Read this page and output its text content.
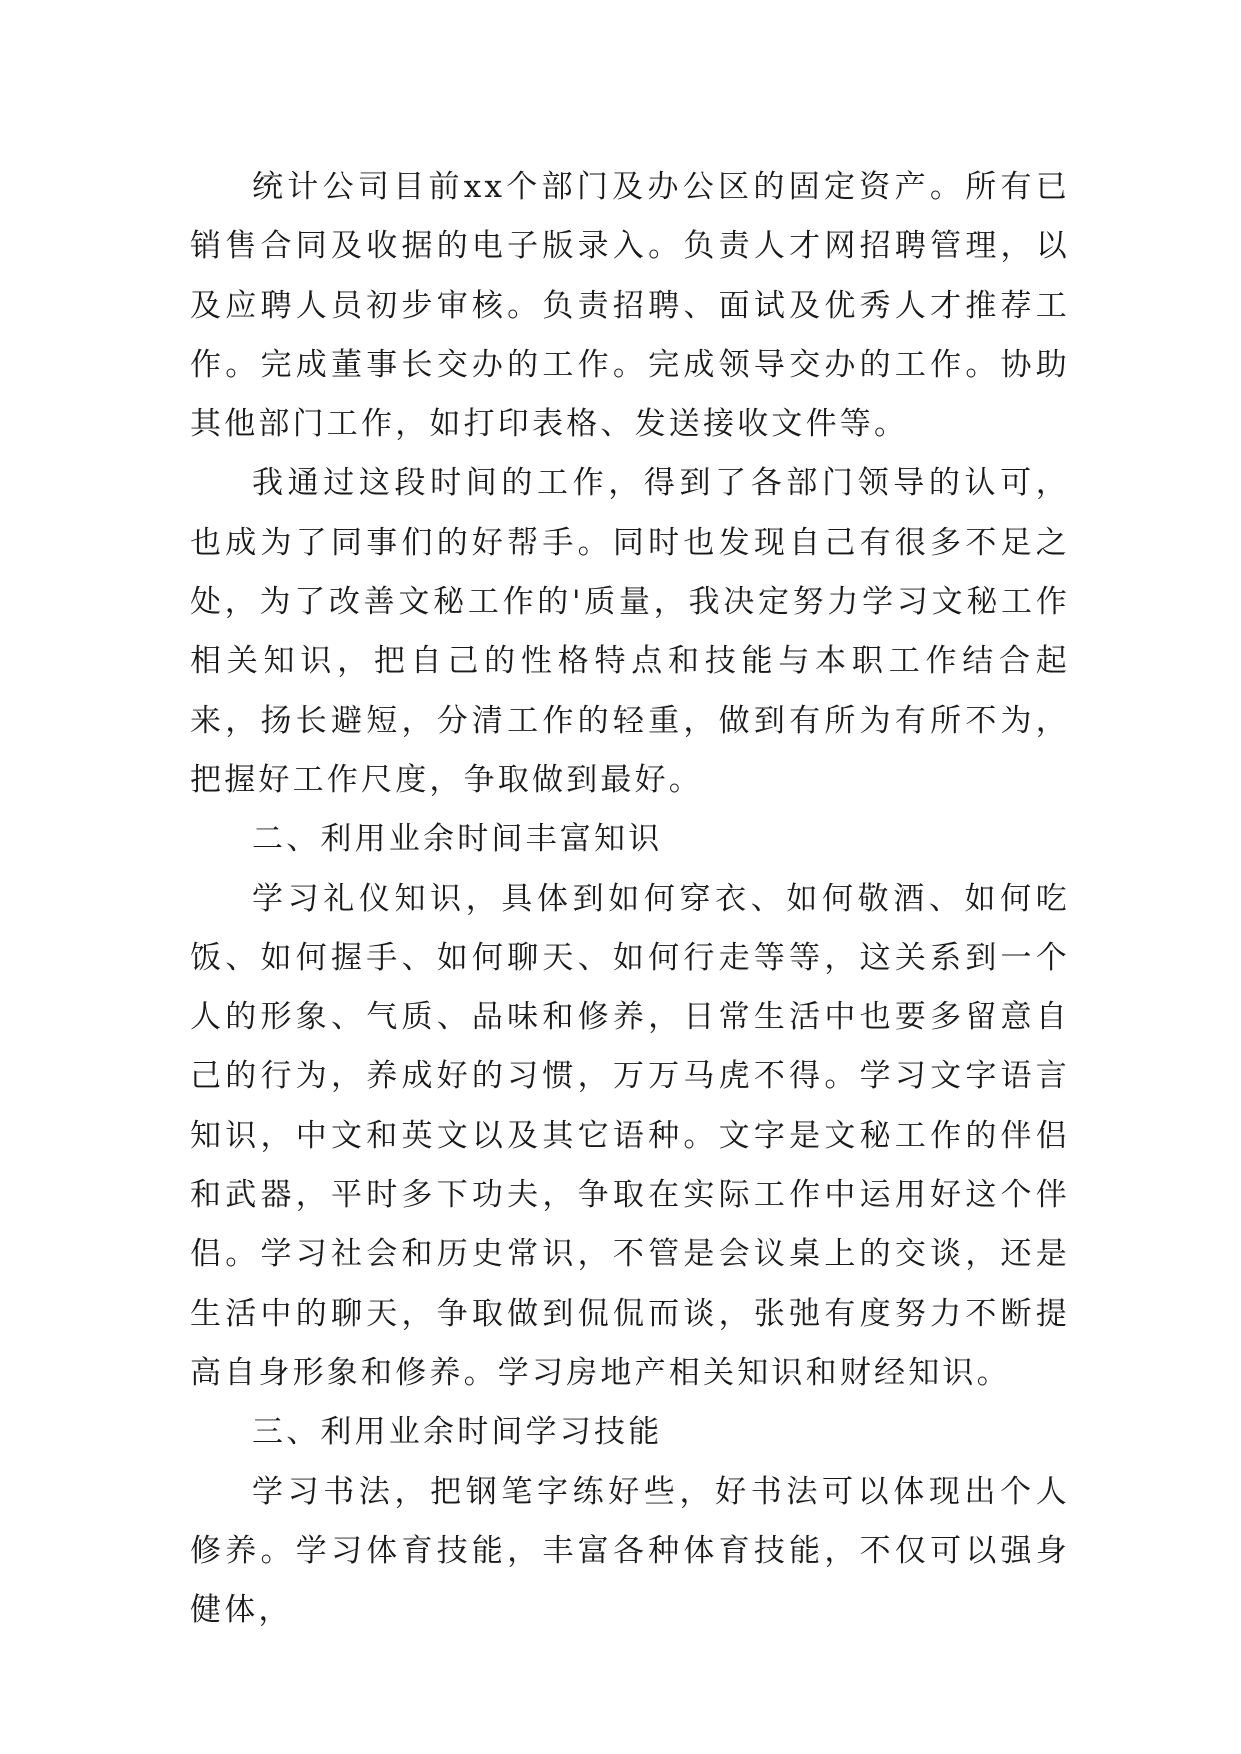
统计公司目前xx个部门及办公区的固定资产。所有已销售合同及收据的电子版录入。负责人才网招聘管理，以及应聘人员初步审核。负责招聘、面试及优秀人才推荐工作。完成董事长交办的工作。完成领导交办的工作。协助其他部门工作，如打印表格、发送接收文件等。

我通过这段时间的工作，得到了各部门领导的认可，也成为了同事们的好帮手。同时也发现自己有很多不足之处，为了改善文秘工作的'质量，我决定努力学习文秘工作相关知识，把自己的性格特点和技能与本职工作结合起来，扬长避短，分清工作的轻重，做到有所为有所不为，把握好工作尺度，争取做到最好。

二、利用业余时间丰富知识

学习礼仪知识，具体到如何穿衣、如何敬酒、如何吃饭、如何握手、如何聊天、如何行走等等，这关系到一个人的形象、气质、品味和修养，日常生活中也要多留意自己的行为，养成好的习惯，万万马虎不得。学习文字语言知识，中文和英文以及其它语种。文字是文秘工作的伴侣和武器，平时多下功夫，争取在实际工作中运用好这个伴侣。学习社会和历史常识，不管是会议桌上的交谈，还是生活中的聊天，争取做到侃侃而谈，张弛有度努力不断提高自身形象和修养。学习房地产相关知识和财经知识。

三、利用业余时间学习技能

学习书法，把钢笔字练好些，好书法可以体现出个人修养。学习体育技能，丰富各种体育技能，不仅可以强身健体，
